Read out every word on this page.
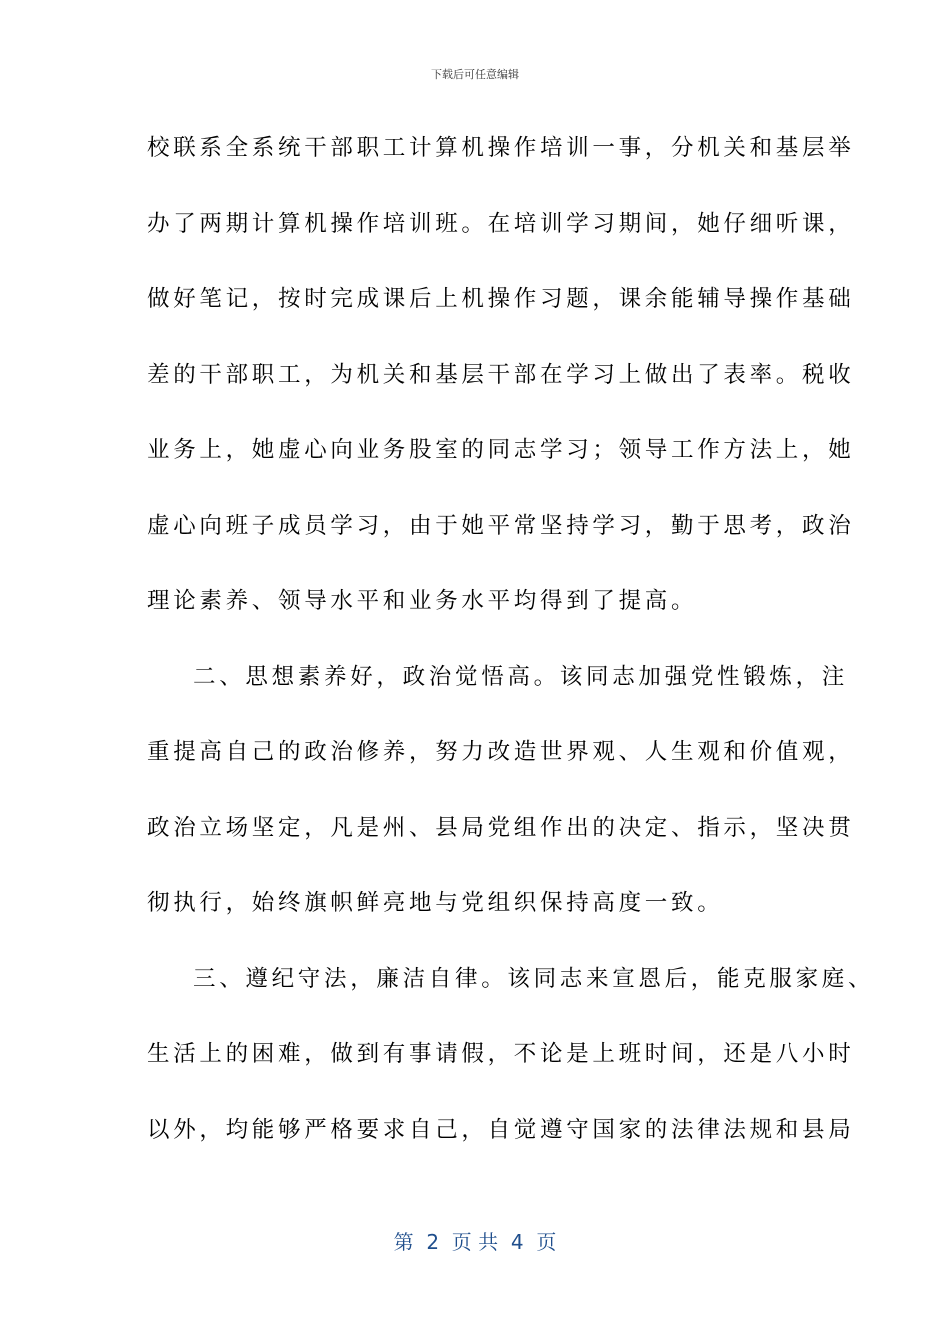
下载后可任意编辑
校联系全系统干部职工计算机操作培训一事，分机关和基层举
办了两期计算机操作培训班。在培训学习期间，她仔细听课，
做好笔记，按时完成课后上机操作习题，课余能辅导操作基础
差的干部职工，为机关和基层干部在学习上做出了表率。税收
业务上，她虚心向业务股室的同志学习；领导工作方法上，她
虚心向班子成员学习，由于她平常坚持学习，勤于思考，政治
理论素养、领导水平和业务水平均得到了提高。
二、思想素养好，政治觉悟高。该同志加强党性锻炼，注
重提高自己的政治修养，努力改造世界观、人生观和价值观，
政治立场坚定，凡是州、县局党组作出的决定、指示，坚决贯
彻执行，始终旗帜鲜亮地与党组织保持高度一致。
三、遵纪守法，廉洁自律。该同志来宣恩后，能克服家庭、
生活上的困难，做到有事请假，不论是上班时间，还是八小时
以外，均能够严格要求自己，自觉遵守国家的法律法规和县局
第  2  页 共  4  页
